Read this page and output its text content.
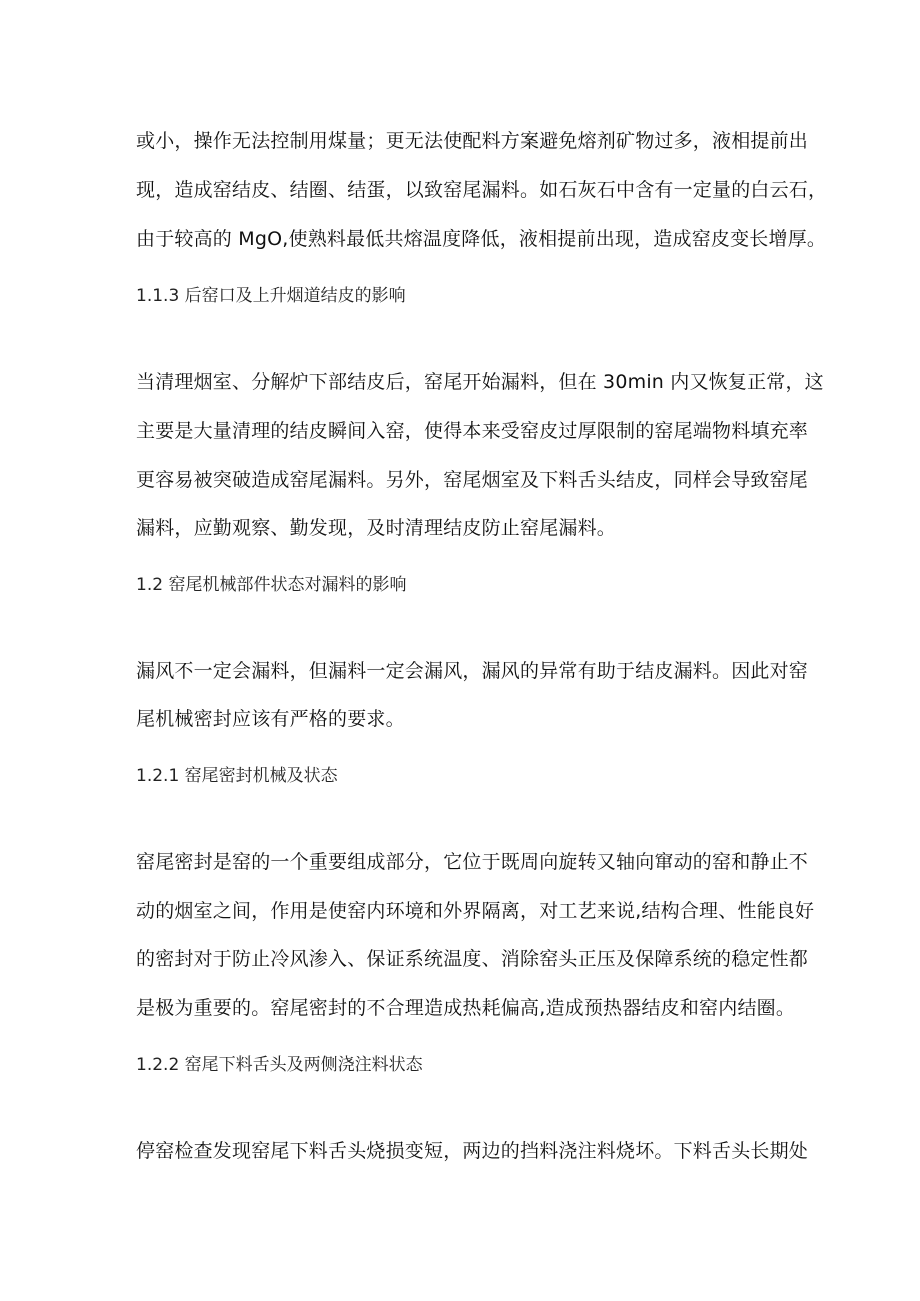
或小，操作无法控制用煤量；更无法使配料方案避免熔剂矿物过多，液相提前出
现，造成窑结皮、结圈、结蛋，以致窑尾漏料。如石灰石中含有一定量的白云石，
由于较高的 MgO,使熟料最低共熔温度降低，液相提前出现，造成窑皮变长增厚。
1.1.3 后窑口及上升烟道结皮的影响
当清理烟室、分解炉下部结皮后，窑尾开始漏料，但在 30min 内又恢复正常，这
主要是大量清理的结皮瞬间入窑，使得本来受窑皮过厚限制的窑尾端物料填充率
更容易被突破造成窑尾漏料。另外，窑尾烟室及下料舌头结皮，同样会导致窑尾
漏料，应勤观察、勤发现，及时清理结皮防止窑尾漏料。
1.2 窑尾机械部件状态对漏料的影响
漏风不一定会漏料，但漏料一定会漏风，漏风的异常有助于结皮漏料。因此对窑
尾机械密封应该有严格的要求。
1.2.1 窑尾密封机械及状态
窑尾密封是窑的一个重要组成部分，它位于既周向旋转又轴向窜动的窑和静止不
动的烟室之间，作用是使窑内环境和外界隔离，对工艺来说,结构合理、性能良好
的密封对于防止冷风渗入、保证系统温度、消除窑头正压及保障系统的稳定性都
是极为重要的。窑尾密封的不合理造成热耗偏高,造成预热器结皮和窑内结圈。
1.2.2 窑尾下料舌头及两侧浇注料状态
停窑检查发现窑尾下料舌头烧损变短，两边的挡料浇注料烧坏。下料舌头长期处
